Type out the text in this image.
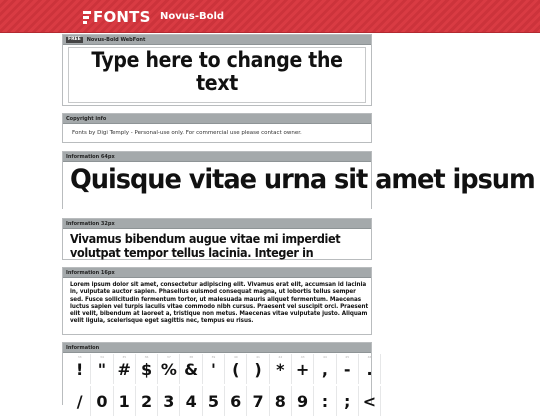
FONTS Novus-Bold
FREE	Novus-Bold WebFont
Type here to change the text
Copyright info
Fonts by Digi Temply - Personal-use only. For commercial use please contact owner.
Information 64px
Quisque vitae urna sit amet ipsum
Information 32px
Vivamus bibendum augue vitae mi imperdiet volutpat tempor tellus lacinia. Integer in
Information 16px
Lorem ipsum dolor sit amet, consectetur adipiscing elit. Vivamus erat elit, accumsan id lacinia in, vulputate auctor sapien. Phasellus euismod consequat magna, ut lobortis tellus semper sed. Fusce sollicitudin fermentum tortor, ut malesuada mauris aliquet fermentum. Maecenas luctus sapien vel turpis iaculis vitae commodo nibh cursus. Praesent vel suscipit orci. Praesent elit velit, bibendum at laoreet a, tristique non metus. Maecenas vitae vulputate justo. Aliquam velit ligula, scelerisque eget sagittis nec, tempus eu risus.
Information
33
!
34
"
35
#
36
$
37
%
38
&
39
'
40
(
41
)
42
*
43
+
44
,
45
-
46
.
/ 0 1 2 3 4 5 6 7 8 9 : ; <
